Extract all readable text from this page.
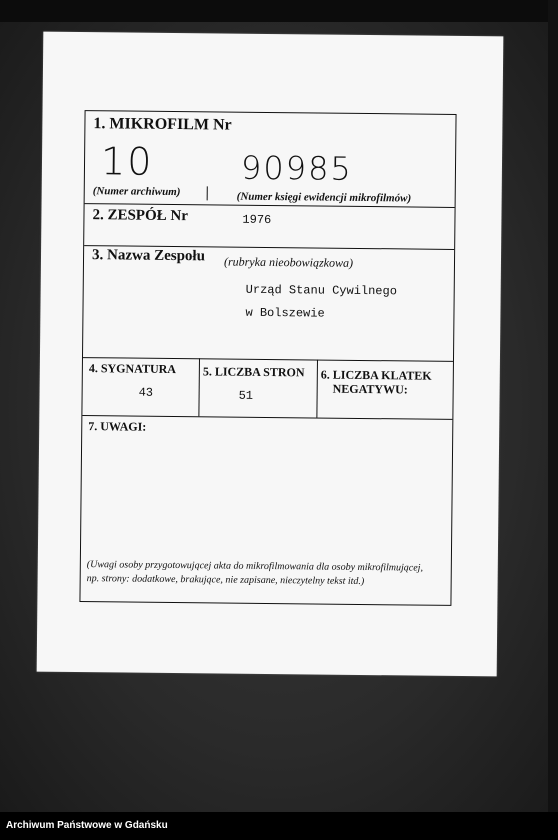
1. MIKROFILM Nr
10	90985
(Numer archiwum)	(Numer księgi ewidencji mikrofilmów)
2. ZESPÓŁ Nr	1976
3. Nazwa Zespołu (rubryka nieobowiązkowa)
Urząd Stanu Cywilnego
w Bolszewie
4. SYGNATURA
43
5. LICZBA STRON
51
6. LICZBA KLATEK
NEGATYWU:
7. UWAGI:
(Uwagi osoby przygotowującej akta do mikrofilmowania dla osoby mikrofilmującej,
np. strony: dodatkowe, brakujące, nie zapisane, nieczytelny tekst itd.)
Archiwum Państwowe w Gdańsku
